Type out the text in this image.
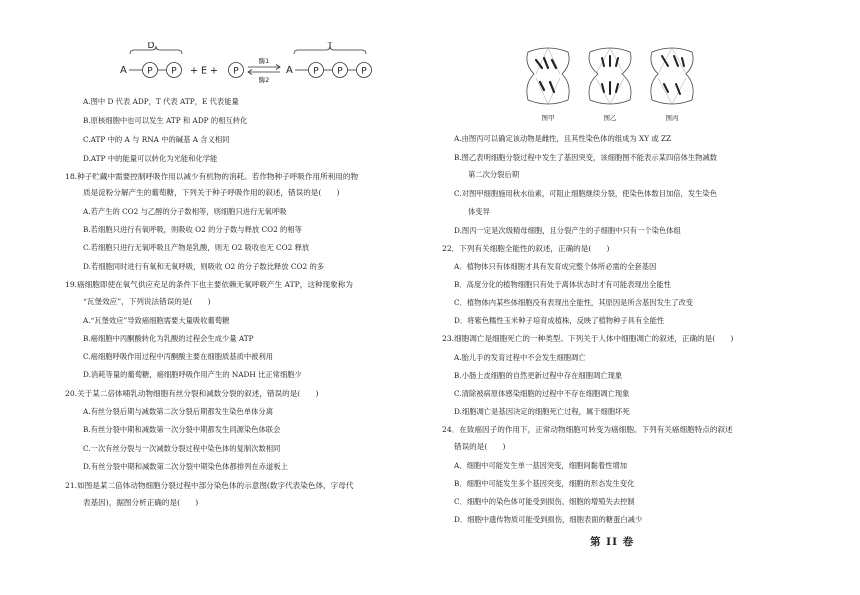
D
A P P + E + P
酶1
酶2
T
A P P P
A.图中 D 代表 ADP，T 代表 ATP，E 代表能量
B.原核细胞中也可以发生 ATP 和 ADP 的相互转化
C.ATP 中的 A 与 RNA 中的碱基 A 含义相同
D.ATP 中的能量可以转化为光能和化学能
18.种子贮藏中需要控制呼吸作用以减少有机物的消耗。若作物种子呼吸作用所利用的物
质是淀粉分解产生的葡萄糖，下列关于种子呼吸作用的叙述，错误的是(　　)
A.若产生的 CO2 与乙醇的分子数相等，则细胞只进行无氧呼吸
B.若细胞只进行有氧呼吸，则吸收 O2 的分子数与释放 CO2 的相等
C.若细胞只进行无氧呼吸且产物是乳酸，则无 O2 吸收也无 CO2 释放
D.若细胞同时进行有氧和无氧呼吸，则吸收 O2 的分子数比释放 CO2 的多
19.癌细胞即使在氧气供应充足的条件下也主要依赖无氧呼吸产生 ATP，这种现象称为
“瓦堡效应”，下列说法错误的是(　　)
A.“瓦堡效应”导致癌细胞需要大量吸收葡萄糖
B.癌细胞中丙酮酸转化为乳酸的过程会生成少量 ATP
C.癌细胞呼吸作用过程中丙酮酸主要在细胞质基质中被利用
D.消耗等量的葡萄糖，癌细胞呼吸作用产生的 NADH 比正常细胞少
20.关于某二倍体哺乳动物细胞有丝分裂和减数分裂的叙述，错误的是(　　)
A.有丝分裂后期与减数第二次分裂后期都发生染色单体分离
B.有丝分裂中期和减数第一次分裂中期都发生同源染色体联会
C.一次有丝分裂与一次减数分裂过程中染色体的复制次数相同
D.有丝分裂中期和减数第二次分裂中期染色体都排列在赤道板上
21.如图是某二倍体动物细胞分裂过程中部分染色体的示意图(数字代表染色体，字母代
表基因)，据图分析正确的是(　　)
图甲	图乙	图丙
A.由图丙可以确定该动物是雌性，且其性染色体的组成为 XY 或 ZZ
B.图乙表明细胞分裂过程中发生了基因突变，该细胞图不能表示某四倍体生物减数
第二次分裂后期
C.对图甲细胞施用秋水仙素，可阻止细胞继续分裂，使染色体数目加倍，发生染色
体变异
D.图丙一定是次级精母细胞，且分裂产生的子细胞中只有一个染色体组
22．下列有关细胞全能性的叙述，正确的是(　　)
A．植物体只有体细胞才具有发育成完整个体所必需的全套基因
B．高度分化的植物细胞只有处于离体状态时才有可能表现出全能性
C．植物体内某些体细胞没有表现出全能性，其原因是所含基因发生了改变
D．将紫色糯性玉米种子培育成植株，反映了植物种子具有全能性
23.细胞凋亡是细胞死亡的一种类型。下列关于人体中细胞凋亡的叙述，正确的是(　　)
A.胎儿手的发育过程中不会发生细胞凋亡
B.小肠上皮细胞的自然更新过程中存在细胞凋亡现象
C.清除被病原体感染细胞的过程中不存在细胞凋亡现象
D.细胞凋亡是基因决定的细胞死亡过程，属于细胞坏死
24．在致癌因子的作用下，正常动物细胞可转变为癌细胞。下列有关癌细胞特点的叙述
错误的是(　　)
A．细胞中可能发生单一基因突变，细胞间黏着性增加
B．细胞中可能发生多个基因突变，细胞的形态发生变化
C．细胞中的染色体可能受到损伤，细胞的增殖失去控制
D．细胞中遗传物质可能受到损伤，细胞表面的糖蛋白减少
第 II 卷
